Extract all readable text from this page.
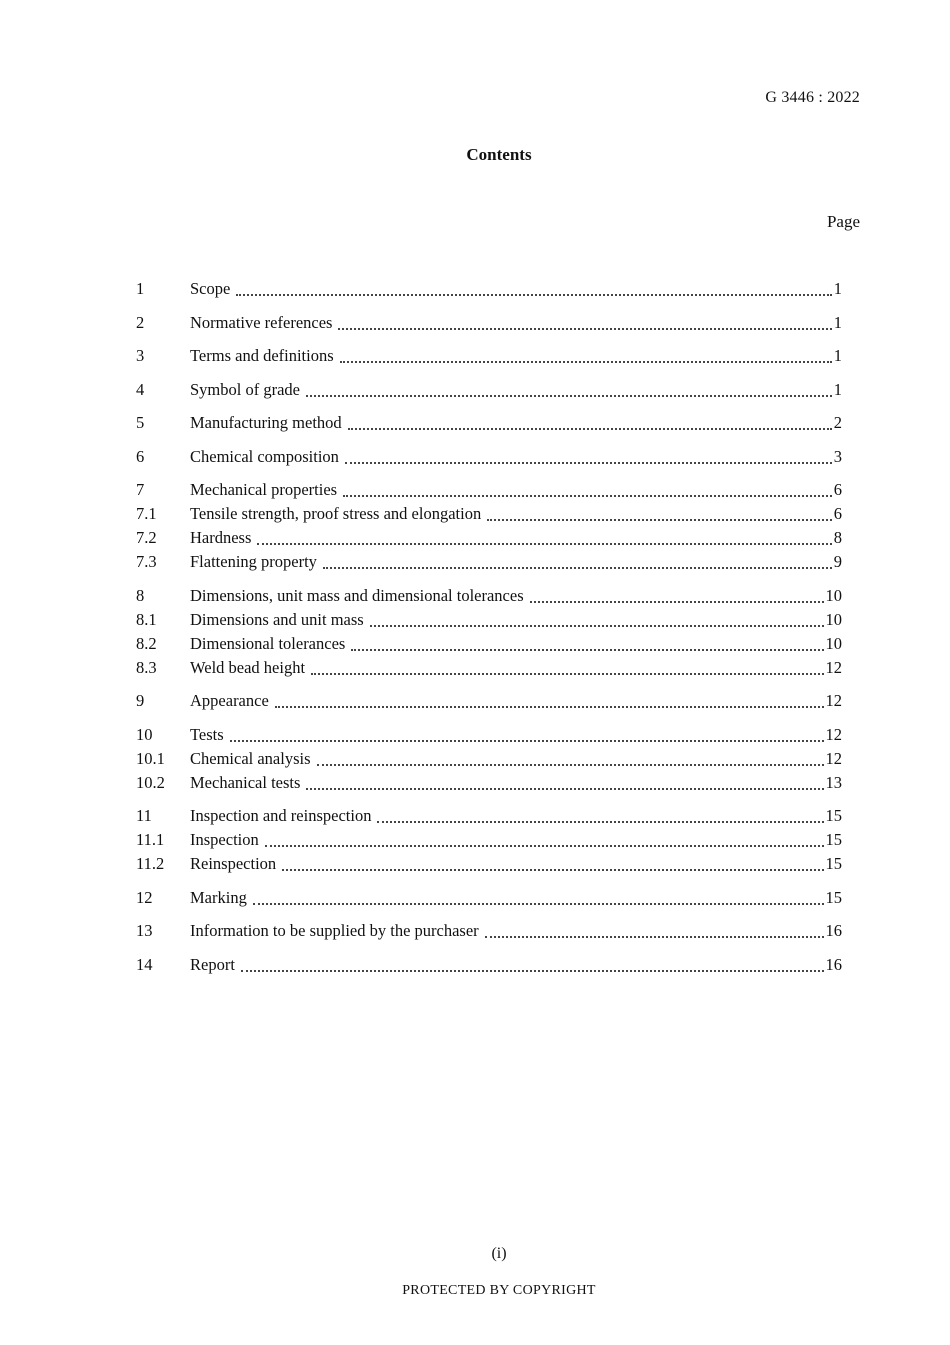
G 3446 : 2022
Contents
Page
1	Scope	1
2	Normative references	1
3	Terms and definitions	1
4	Symbol of grade	1
5	Manufacturing method	2
6	Chemical composition	3
7	Mechanical properties	6
7.1	Tensile strength, proof stress and elongation	6
7.2	Hardness	8
7.3	Flattening property	9
8	Dimensions, unit mass and dimensional tolerances	10
8.1	Dimensions and unit mass	10
8.2	Dimensional tolerances	10
8.3	Weld bead height	12
9	Appearance	12
10	Tests	12
10.1	Chemical analysis	12
10.2	Mechanical tests	13
11	Inspection and reinspection	15
11.1	Inspection	15
11.2	Reinspection	15
12	Marking	15
13	Information to be supplied by the purchaser	16
14	Report	16
(i)
PROTECTED BY COPYRIGHT
